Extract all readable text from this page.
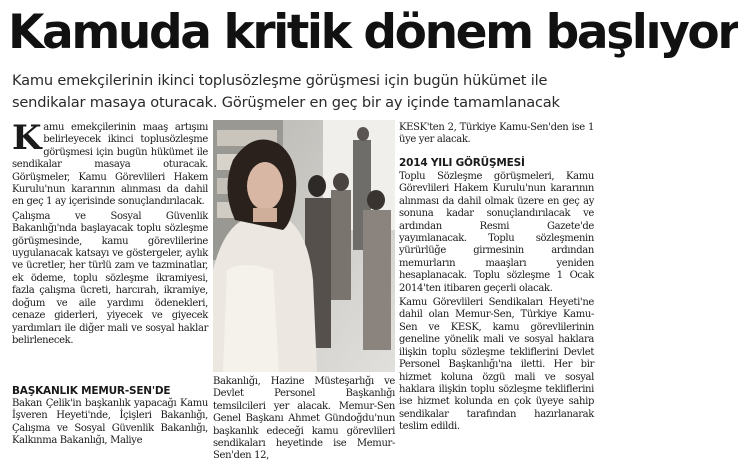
Kamuda kritik dönem başlıyor
Kamu emekçilerinin ikinci toplusözleşme görüşmesi için bugün hükümet ile
sendikalar masaya oturacak. Görüşmeler en geç bir ay içinde tamamlanacak

Kamu emekçilerinin maaş artışını belirleyecek ikinci toplusözleşme görüşmesi için bugün hükümet ile sendikalar masaya oturacak. Görüşmeler, Kamu Görevlileri Hakem Kurulu'nun kararının alınması da dahil en geç 1 ay içerisinde sonuçlandırılacak.

Çalışma ve Sosyal Güvenlik Bakanlığı'nda başlayacak toplu sözleşme görüşmesinde, kamu görevlilerine uygulanacak katsayı ve göstergeler, aylık ve ücretler, her türlü zam ve tazminatlar, ek ödeme, toplu sözleşme ikramiyesi, fazla çalışma ücreti, harcırah, ikramiye, doğum ve aile yardımı ödenekleri, cenaze giderleri, yiyecek ve giyecek yardımları ile diğer mali ve sosyal haklar belirlenecek.

BAŞKANLIK MEMUR-SEN'DE

Bakan Çelik'in başkanlık yapacağı Kamu İşveren Heyeti'nde, İçişleri Bakanlığı, Çalışma ve Sosyal Güvenlik Bakanlığı, Kalkınma Bakanlığı, Maliye

Bakanlığı, Hazine Müsteşarlığı ve Devlet Personel Başkanlığı temsilcileri yer alacak. Memur-Sen Genel Başkanı Ahmet Gündoğdu'nun başkanlık edeceği kamu görevlileri sendikaları heyetinde ise Memur-Sen'den 12,

KESK'ten 2, Türkiye Kamu-Sen'den ise 1 üye yer alacak.

2014 YILI GÖRÜŞMESİ

Toplu Sözleşme görüşmeleri, Kamu Görevlileri Hakem Kurulu'nun kararının alınması da dahil olmak üzere en geç ay sonuna kadar sonuçlandırılacak ve ardından Resmi Gazete'de yayımlanacak. Toplu sözleşmenin yürürlüğe girmesinin ardından memurların maaşları yeniden hesaplanacak. Toplu sözleşme 1 Ocak 2014'ten itibaren geçerli olacak.

Kamu Görevlileri Sendikaları Heyeti'ne dahil olan Memur-Sen, Türkiye Kamu-Sen ve KESK, kamu görevlilerinin geneline yönelik mali ve sosyal haklara ilişkin toplu sözleşme tekliflerini Devlet Personel Başkanlığı'na iletti. Her bir hizmet koluna özgü mali ve sosyal haklara ilişkin toplu sözleşme tekliflerini ise hizmet kolunda en çok üyeye sahip sendikalar tarafından hazırlanarak teslim edildi.
